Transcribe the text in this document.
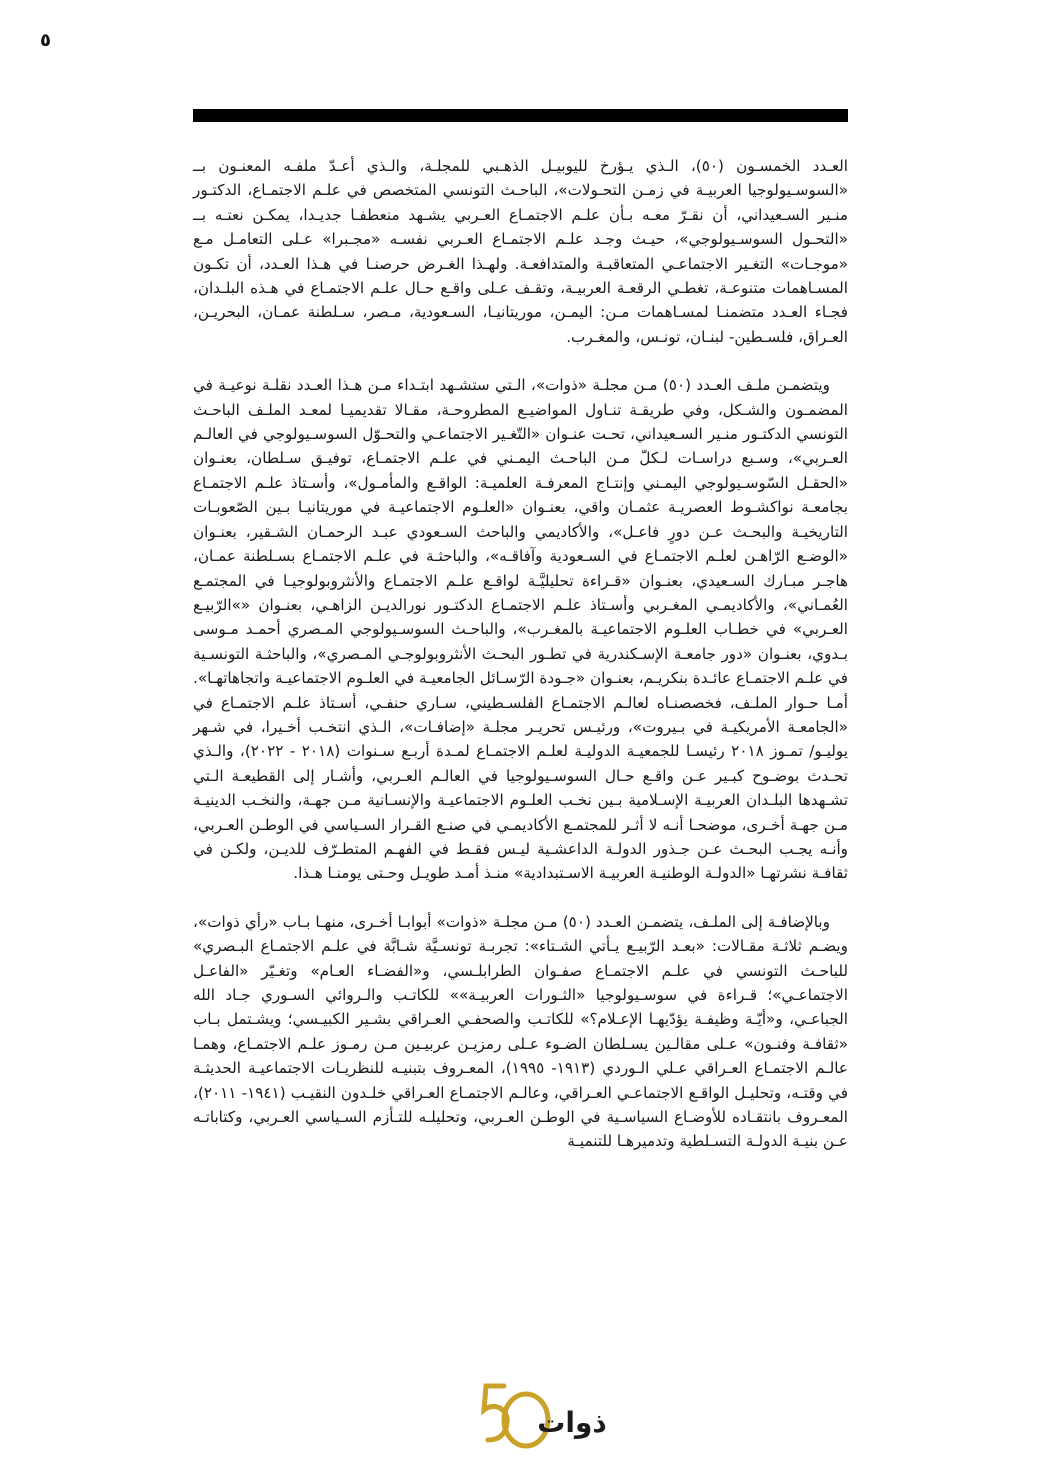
٥

العـدد الخمسـون (٥٠)، الـذي يـؤرخ لليوبيـل الذهـبي للمجلـة، والـذي أعـدّ ملفـه المعنـون بــ «السوسـيولوجيا العربيـة في زمـن التحـولات»، الباحـث التونسي المتخصص في علـم الاجتمـاع، الدكتـور منـير السـعيداني، أن نقـرّ معـه بـأن علـم الاجتمـاع العـربي يشـهد منعطفـا جديـدا، يمكـن نعتـه بــ «التحـول السوسـيولوجي»، حيـث وجـد علـم الاجتمـاع العـربي نفسـه «مجـبرا» عـلى التعامـل مـع «موجـات» التغـير الاجتماعـي المتعاقبـة والمتدافعـة. ولهـذا الغـرض حرصنـا في هـذا العـدد، أن تكـون المسـاهمات متنوعـة، تغطـي الرقعـة العربيـة، وتقـف عـلى واقـع حـال علـم الاجتمـاع في هـذه البلـدان، فجـاء العـدد متضمنـا لمسـاهمات مـن: اليمـن، موريتانيـا، السـعودية، مـصر، سـلطنة عمـان، البحريـن، العـراق، فلسـطين- لبنـان، تونـس، والمغـرب.

ويتضمـن ملـف العـدد (٥٠) مـن مجلـة «ذوات»، الـتي ستشـهد ابتـداء مـن هـذا العـدد نقلـة نوعيـة في المضمـون والشـكل، وفي طريقـة تنـاول المواضيـع المطروحـة، مقـالا تقديميـا لمعـد الملـف الباحـث التونسي الدكتـور منـير السـعيداني، تحـت عنـوان «التّغـير الاجتماعـي والتحـوّل السوسـيولوجي في العالـم العـربي»، وسـبع دراسـات لـكلّ مـن الباحـث اليمـني في علـم الاجتمـاع، توفيـق سـلطان، بعنـوان «الحقـل السّوسـيولوجي اليمـني وإنتـاج المعرفـة العلميـة: الواقـع والمأمـول»، وأسـتاذ علـم الاجتمـاع بجامعـة نواكشـوط العصريـة عثمـان واقي، بعنـوان «العلـوم الاجتماعيـة في موريتانيـا بـين الصّعوبـات التاريخيـة والبحـث عـن دورٍ فاعـل»، والأكاديمي والباحث السـعودي عبـد الرحمـان الشـقير، بعنـوان «الوضـع الرّاهـن لعلـم الاجتمـاع في السـعودية وآفاقـه»، والباحثـة في علـم الاجتمـاع بسـلطنة عمـان، هاجـر مبـارك السـعيدي، بعنـوان «قـراءة تحليليَّـة لواقـع علـم الاجتمـاع والأنثروبولوجيـا في المجتمـع العُمـاني»، والأكاديمـي المغـربي وأسـتاذ علـم الاجتمـاع الدكتـور نورالديـن الزاهـي، بعنـوان «»الرّبيـع العـربي» في خطـاب العلـوم الاجتماعيـة بالمغـرب»، والباحـث السوسـيولوجي المـصري أحمـد مـوسى بـدوي، بعنـوان «دور جامعـة الإسـكندرية في تطـور البحـث الأنثروبولوجـي المـصري»، والباحثـة التونسـية في علـم الاجتمـاع عائـدة بنكريـم، بعنـوان «جـودة الرّسـائل الجامعيـة في العلـوم الاجتماعيـة واتجاهاتهـا». أمـا حـوار الملـف، فخصصنـاه لعالـم الاجتمـاع الفلسـطيني، سـاري حنفـي، أسـتاذ علـم الاجتمـاع في «الجامعـة الأمريكيـة في بـيروت»، ورئيـس تحريـر مجلـة «إضافـات»، الـذي انتخـب أخـيرا، في شـهر يوليـو/ تمـوز ٢٠١٨ رئيسـا للجمعيـة الدوليـة لعلـم الاجتمـاع لمـدة أربـع سـنوات (٢٠١٨ - ٢٠٢٢)، والـذي تحـدث بوضـوح كبـير عـن واقـع حـال السوسـيولوجيا في العالـم العـربي، وأشـار إلى القطيعـة الـتي تشـهدها البلـدان العربيـة الإسـلامية بـين نخـب العلـوم الاجتماعيـة والإنسـانية مـن جهـة، والنخـب الدينيـة مـن جهـة أخـرى، موضحـا أنـه لا أثـر للمجتمـع الأكاديمـي في صنـع القـرار السـياسي في الوطـن العـربي، وأنـه يجـب البحـث عـن جـذور الدولـة الداعشـية ليـس فقـط في الفهـم المتطـرّف للديـن، ولكـن في ثقافـة نشرتهـا «الدولـة الوطنيـة العربيـة الاسـتبدادية» منـذ أمـد طويـل وحـتى يومنـا هـذا.

وبالإضافـة إلى الملـف، يتضمـن العـدد (٥٠) مـن مجلـة «ذوات» أبوابـا أخـرى، منهـا بـاب «رأي ذوات»، ويضـم ثلاثـة مقـالات: «بعـد الرّبيـع يـأتي الشـتاء»: تجربـة تونسـيَّة شـابَّة في علـم الاجتمـاع البـصري» للباحـث التونسي في علـم الاجتمـاع صفـوان الطرابلـسي، و«الفضـاء العـام» وتغـيّر «الفاعـل الاجتماعـي»؛ قـراءة في سوسـيولوجيا «الثـورات العربيـة»» للكاتـب والـروائي السـوري جـاد الله الجباعـي، و«أيّـة وظيفـة يؤدّيهـا الإعـلام؟» للكاتـب والصحفـي العـراقي بشـير الكبيـسي؛ ويشـتمل بـاب «ثقافـة وفنـون» عـلى مقالـين يسـلطان الضـوء عـلى رمزيـن عربيـين مـن رمـوز علـم الاجتمـاع، وهمـا عالـم الاجتمـاع العـراقي عـلي الـوردي (١٩١٣- ١٩٩٥)، المعـروف بتبنيـه للنظريـات الاجتماعيـة الحديثـة في وقتـه، وتحليـل الواقـع الاجتماعـي العـراقي، وعالـم الاجتمـاع العـراقي خلـدون النقيـب (١٩٤١- ٢٠١١)، المعـروف بانتقـاده للأوضـاع السياسـية في الوطـن العـربي، وتحليلـه للتـأزم السـياسي العـربي، وكتاباتـه عـن بنيـة الدولـة التسـلطية وتدميرهـا للتنميـة

ذوات
